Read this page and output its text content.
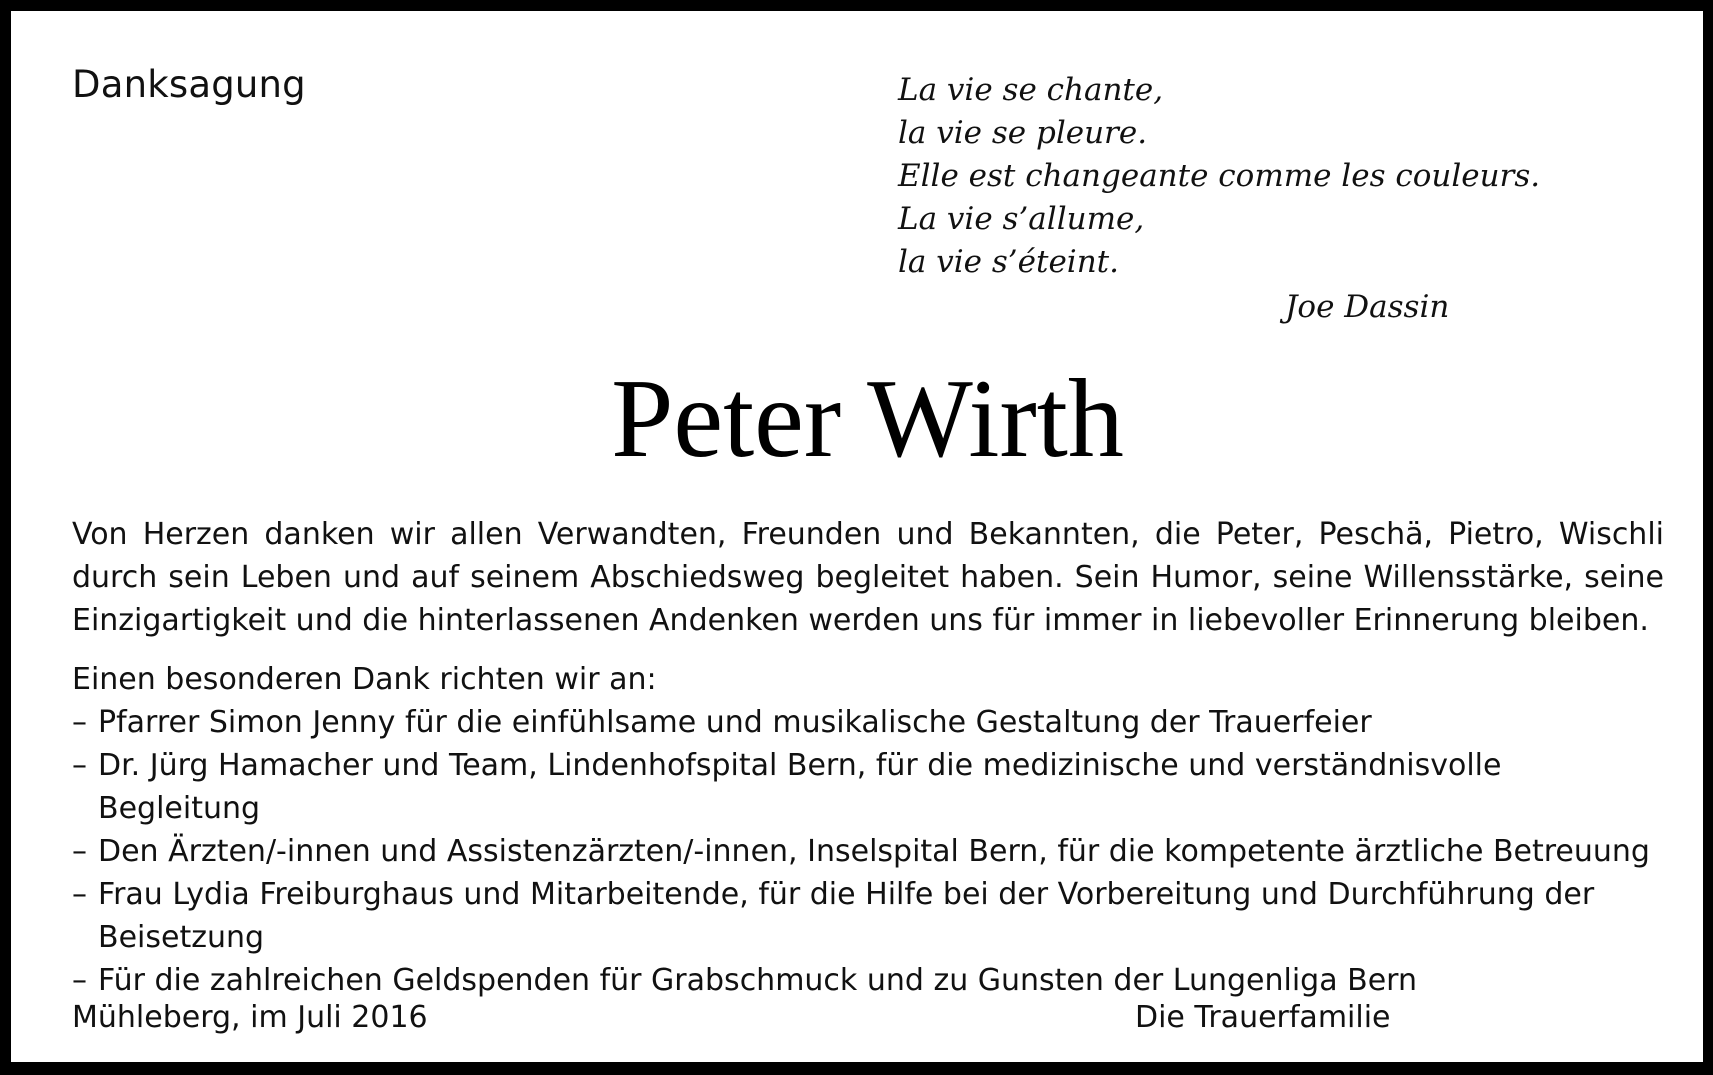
Danksagung	La vie se chante,
la vie se pleure.
Elle est changeante comme les couleurs.
La vie s’allume,
la vie s’éteint.
Joe Dassin
Peter Wirth
Von Herzen danken wir allen Verwandten, Freunden und Bekannten, die Peter, Peschä, Pietro, Wischli durch sein Leben und auf seinem Abschiedsweg begleitet haben. Sein Humor, seine Willensstärke, seine Einzigartigkeit und die hinterlassenen Andenken werden uns für immer in liebevoller Erinnerung bleiben.
Einen besonderen Dank richten wir an:
– Pfarrer Simon Jenny für die einfühlsame und musikalische Gestaltung der Trauerfeier
– Dr. Jürg Hamacher und Team, Lindenhofspital Bern, für die medizinische und verständnisvolle Begleitung
– Den Ärzten/-innen und Assistenzärzten/-innen, Inselspital Bern, für die kompetente ärztliche Betreuung
– Frau Lydia Freiburghaus und Mitarbeitende, für die Hilfe bei der Vorbereitung und Durchführung der Beisetzung
– Für die zahlreichen Geldspenden für Grabschmuck und zu Gunsten der Lungenliga Bern
Mühleberg, im Juli 2016	Die Trauerfamilie
